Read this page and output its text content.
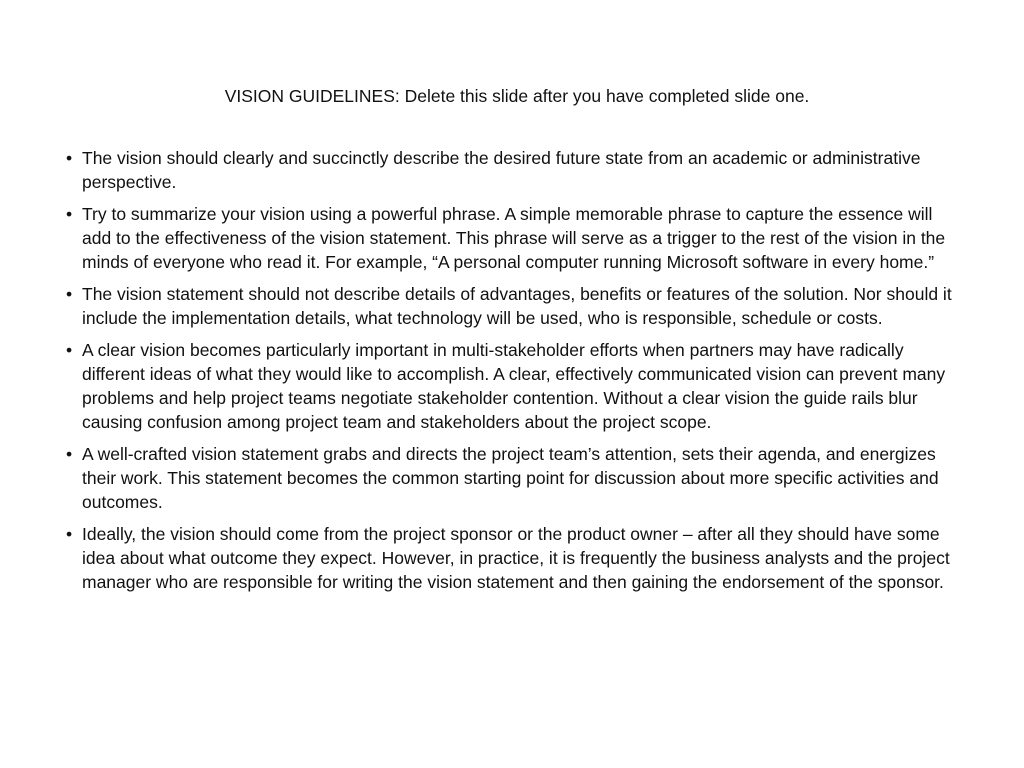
VISION GUIDELINES: Delete this slide after you have completed slide one.
• The vision should clearly and succinctly describe the desired future state from an academic or administrative perspective.
• Try to summarize your vision using a powerful phrase. A simple memorable phrase to capture the essence will add to the effectiveness of the vision statement. This phrase will serve as a trigger to the rest of the vision in the minds of everyone who read it. For example, “A personal computer running Microsoft software in every home.”
• The vision statement should not describe details of advantages, benefits or features of the solution. Nor should it include the implementation details, what technology will be used, who is responsible, schedule or costs.
• A clear vision becomes particularly important in multi-stakeholder efforts when partners may have radically different ideas of what they would like to accomplish. A clear, effectively communicated vision can prevent many problems and help project teams negotiate stakeholder contention. Without a clear vision the guide rails blur causing confusion among project team and stakeholders about the project scope.
• A well-crafted vision statement grabs and directs the project team’s attention, sets their agenda, and energizes their work. This statement becomes the common starting point for discussion about more specific activities and outcomes.
• Ideally, the vision should come from the project sponsor or the product owner – after all they should have some idea about what outcome they expect. However, in practice, it is frequently the business analysts and the project manager who are responsible for writing the vision statement and then gaining the endorsement of the sponsor.
